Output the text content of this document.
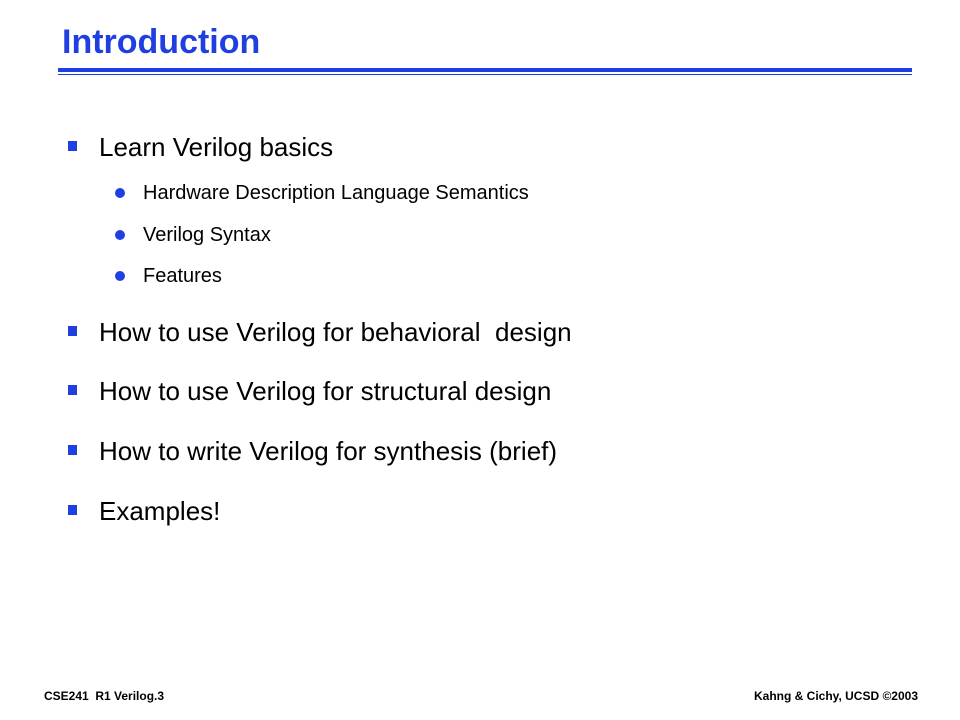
Introduction
Learn Verilog basics
Hardware Description Language Semantics
Verilog Syntax
Features
How to use Verilog for behavioral  design
How to use Verilog for structural design
How to write Verilog for synthesis (brief)
Examples!
CSE241  R1 Verilog.3	Kahng & Cichy, UCSD ©2003
